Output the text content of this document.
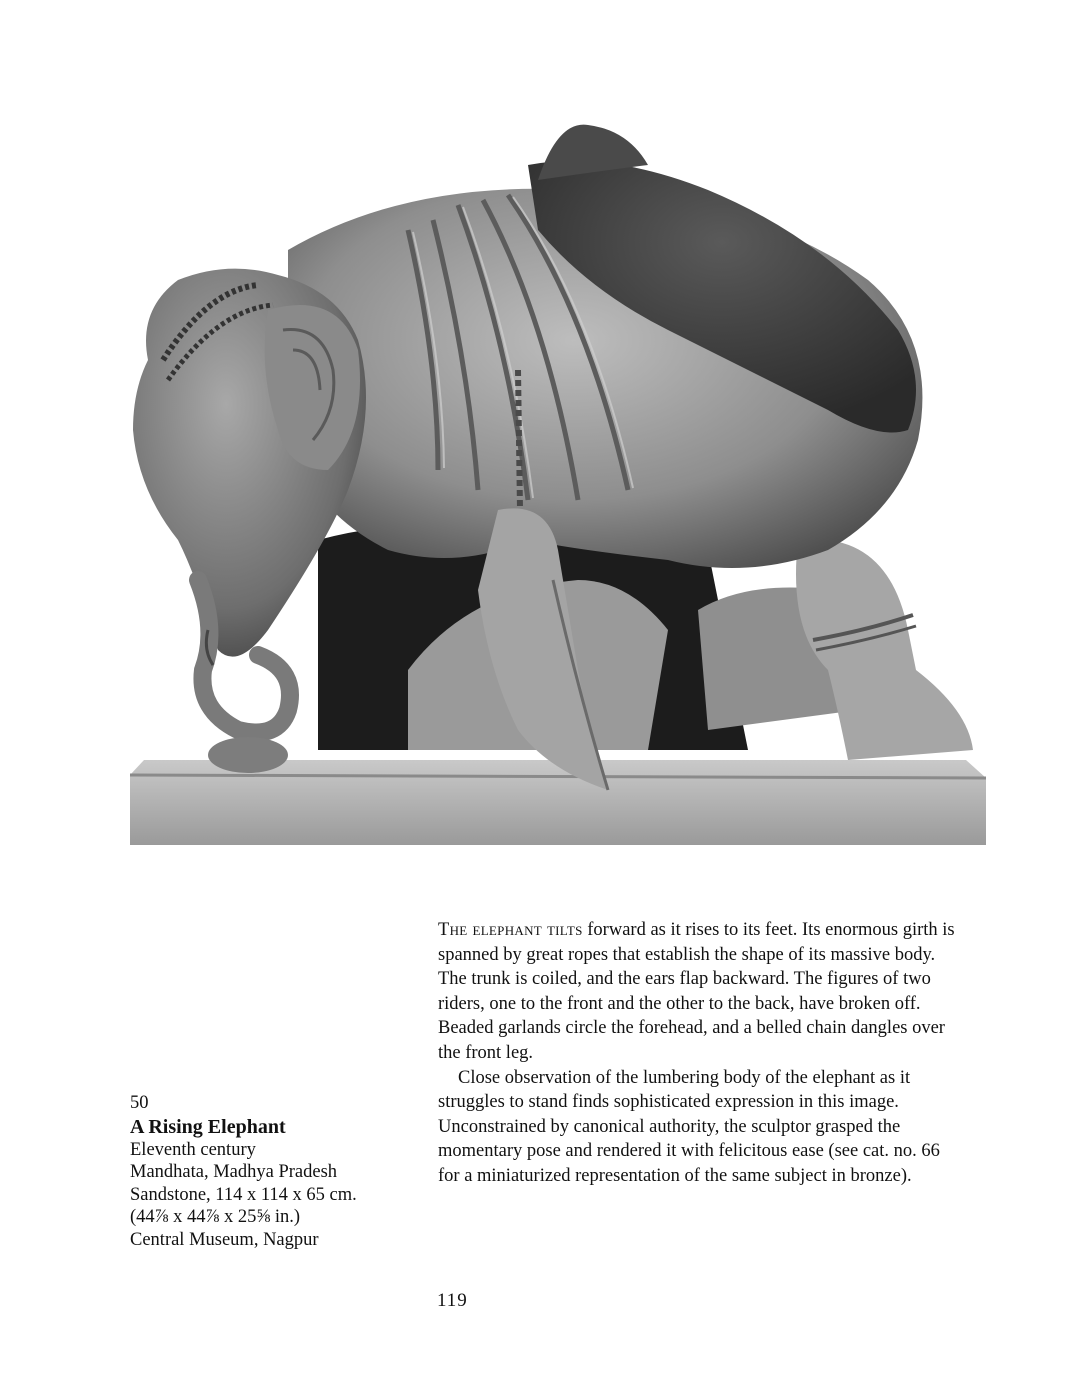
50
A Rising Elephant
Eleventh century
Mandhata, Madhya Pradesh
Sandstone, 114 x 114 x 65 cm.
(44⅞ x 44⅞ x 25⅝ in.)
Central Museum, Nagpur

The elephant tilts forward as it rises to its feet. Its enormous girth is spanned by great ropes that establish the shape of its massive body. The trunk is coiled, and the ears flap backward. The figures of two riders, one to the front and the other to the back, have broken off. Beaded garlands circle the forehead, and a belled chain dangles over the front leg.

Close observation of the lumbering body of the elephant as it struggles to stand finds sophisticated expression in this image. Unconstrained by canonical authority, the sculptor grasped the momentary pose and rendered it with felicitous ease (see cat. no. 66 for a miniaturized representation of the same subject in bronze).

119
